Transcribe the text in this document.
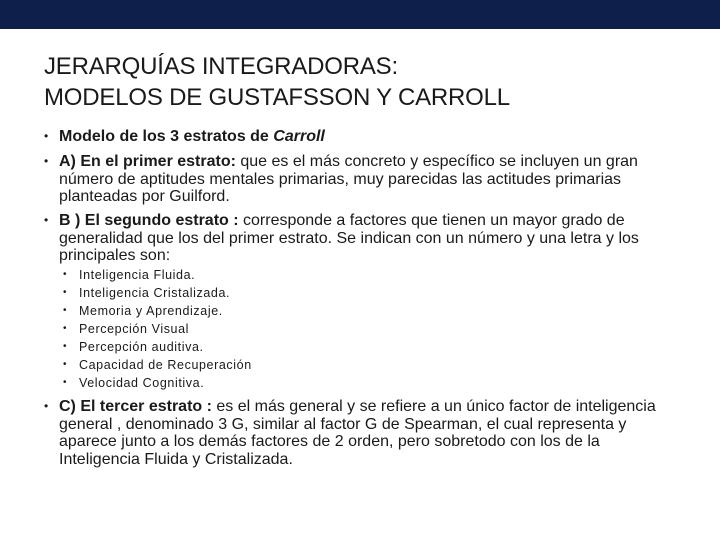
JERARQUÍAS INTEGRADORAS:
MODELOS DE GUSTAFSSON Y CARROLL
• Modelo de los 3 estratos de Carroll
• A) En el primer estrato: que es el más concreto y específico se incluyen un gran número de aptitudes mentales primarias, muy parecidas las actitudes primarias planteadas por Guilford.
• B ) El segundo estrato : corresponde a factores que tienen un mayor grado de generalidad que los del primer estrato. Se indican con un número y una letra y los principales son:
• Inteligencia Fluida.
• Inteligencia Cristalizada.
• Memoria y Aprendizaje.
• Percepción Visual
• Percepción auditiva.
• Capacidad de Recuperación
• Velocidad Cognitiva.
• C) El tercer estrato : es el más general y se refiere a un único factor de inteligencia general , denominado 3 G, similar al factor G de Spearman, el cual representa y aparece junto a los demás factores de 2 orden, pero sobretodo con los de la Inteligencia Fluida y Cristalizada.
